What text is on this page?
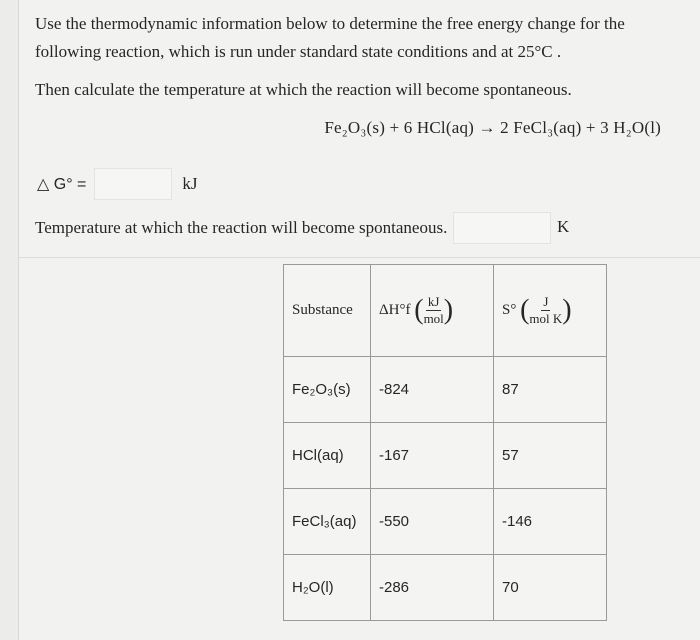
Use the thermodynamic information below to determine the free energy change for the following reaction, which is run under standard state conditions and at 25°C .
Then calculate the temperature at which the reaction will become spontaneous.
Fe₂O₃(s) + 6 HCl(aq) → 2 FeCl₃(aq) + 3 H₂O(l)
△ G° =	kJ
Temperature at which the reaction will become spontaneous.	K
Substance	ΔH°f ( $\frac{kJ}{\text{mol}}$ )	S° ( $\frac{J}{\text{mol K}}$ )
Fe₂O₃(s)	-824	87
HCl(aq)	-167	57
FeCl₃(aq)	-550	-146
H₂O(l)	-286	70
